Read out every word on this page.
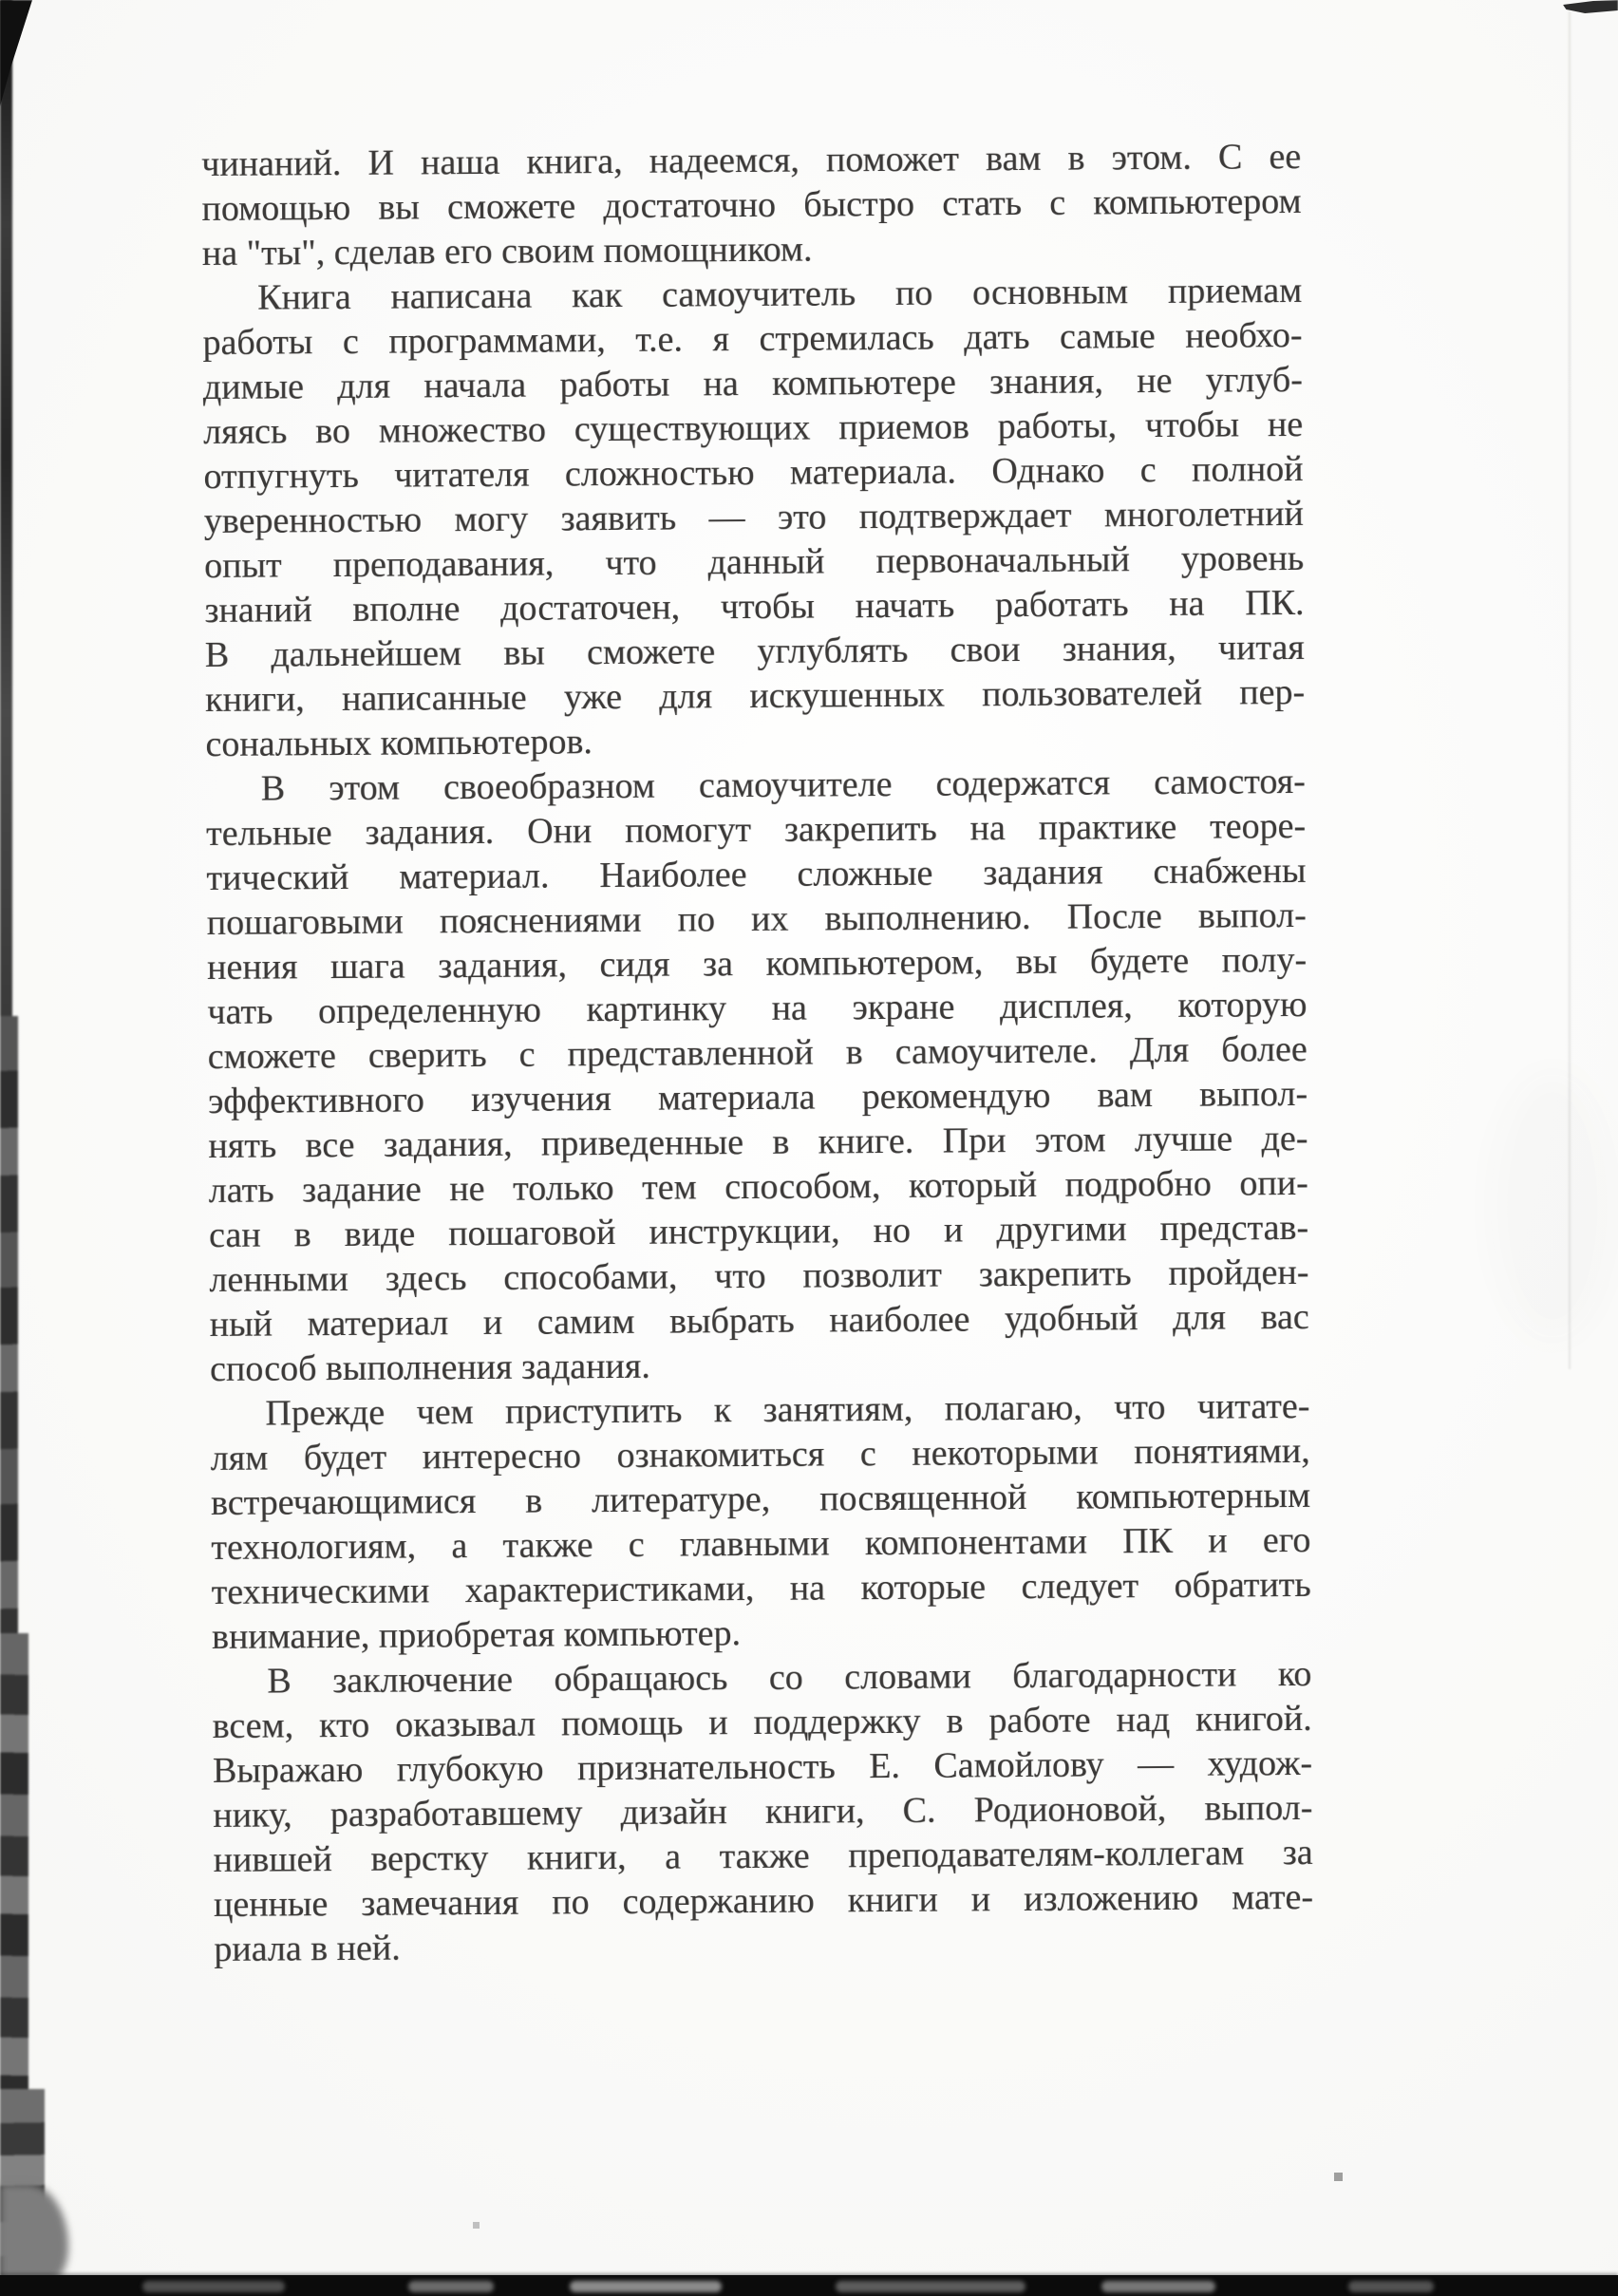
чинаний. И наша книга, надеемся, поможет вам в этом. С ее
помощью вы сможете достаточно быстро стать с компьютером
на "ты", сделав его своим помощником.
Книга написана как самоучитель по основным приемам
работы с программами, т.е. я стремилась дать самые необхо-
димые для начала работы на компьютере знания, не углуб-
ляясь во множество существующих приемов работы, чтобы не
отпугнуть читателя сложностью материала. Однако с полной
уверенностью могу заявить — это подтверждает многолетний
опыт преподавания, что данный первоначальный уровень
знаний вполне достаточен, чтобы начать работать на ПК.
В дальнейшем вы сможете углублять свои знания, читая
книги, написанные уже для искушенных пользователей пер-
сональных компьютеров.
В этом своеобразном самоучителе содержатся самостоя-
тельные задания. Они помогут закрепить на практике теоре-
тический материал. Наиболее сложные задания снабжены
пошаговыми пояснениями по их выполнению. После выпол-
нения шага задания, сидя за компьютером, вы будете полу-
чать определенную картинку на экране дисплея, которую
сможете сверить с представленной в самоучителе. Для более
эффективного изучения материала рекомендую вам выпол-
нять все задания, приведенные в книге. При этом лучше де-
лать задание не только тем способом, который подробно опи-
сан в виде пошаговой инструкции, но и другими представ-
ленными здесь способами, что позволит закрепить пройден-
ный материал и самим выбрать наиболее удобный для вас
способ выполнения задания.
Прежде чем приступить к занятиям, полагаю, что читате-
лям будет интересно ознакомиться с некоторыми понятиями,
встречающимися в литературе, посвященной компьютерным
технологиям, а также с главными компонентами ПК и его
техническими характеристиками, на которые следует обратить
внимание, приобретая компьютер.
В заключение обращаюсь со словами благодарности ко
всем, кто оказывал помощь и поддержку в работе над книгой.
Выражаю глубокую признательность Е. Самойлову — худож-
нику, разработавшему дизайн книги, С. Родионовой, выпол-
нившей верстку книги, а также преподавателям-коллегам за
ценные замечания по содержанию книги и изложению мате-
риала в ней.
